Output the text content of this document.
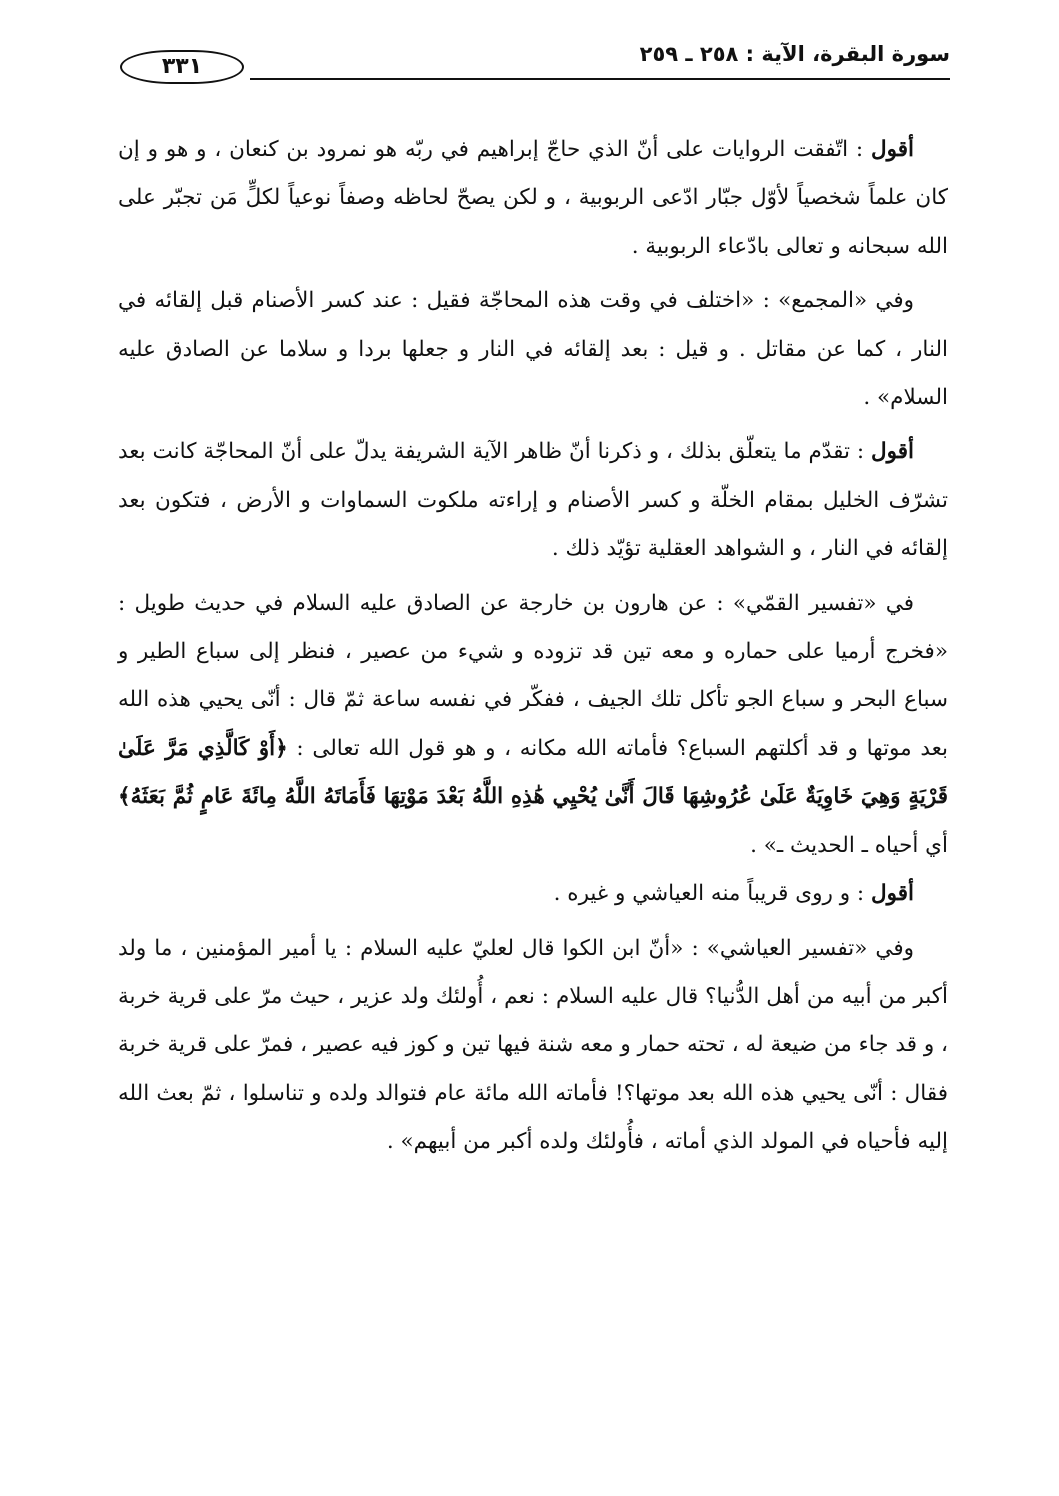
سورة البقرة، الآية : ٢٥٨ ـ ٢٥٩
٣٣١

أقول : اتّفقت الروايات على أنّ الذي حاجّ إبراهيم في ربّه هو نمرود بن كنعان ، و هو و إن كان علماً شخصياً لأوّل جبّار ادّعى الربوبية ، و لكن يصحّ لحاظه وصفاً نوعياً لكلٍّ مَن تجبّر على الله سبحانه و تعالى بادّعاء الربوبية .

وفي «المجمع» : «اختلف في وقت هذه المحاجّة فقيل : عند كسر الأصنام قبل إلقائه في النار ، كما عن مقاتل . و قيل : بعد إلقائه في النار و جعلها بردا و سلاما عن الصادق عليه السلام» .

أقول : تقدّم ما يتعلّق بذلك ، و ذكرنا أنّ ظاهر الآية الشريفة يدلّ على أنّ المحاجّة كانت بعد تشرّف الخليل بمقام الخلّة و كسر الأصنام و إراءته ملكوت السماوات و الأرض ، فتكون بعد إلقائه في النار ، و الشواهد العقلية تؤيّد ذلك .

في «تفسير القمّي» : عن هارون بن خارجة عن الصادق عليه السلام في حديث طويل : «فخرج أرميا على حماره و معه تين قد تزوده و شيء من عصير ، فنظر إلى سباع الطير و سباع البحر و سباع الجو تأكل تلك الجيف ، ففكّر في نفسه ساعة ثمّ قال : أنّى يحيي هذه الله بعد موتها و قد أكلتهم السباع؟ فأماته الله مكانه ، و هو قول الله تعالى : ﴿أَوْ كَالَّذِي مَرَّ عَلَىٰ قَرْيَةٍ وَهِيَ خَاوِيَةٌ عَلَىٰ عُرُوشِهَا قَالَ أَنَّىٰ يُحْيِي هَٰذِهِ اللَّهُ بَعْدَ مَوْتِهَا فَأَمَاتَهُ اللَّهُ مِائَةَ عَامٍ ثُمَّ بَعَثَهُ﴾ أي أحياه ـ الحديث ـ» .

أقول : و روى قريباً منه العياشي و غيره .

وفي «تفسير العياشي» : «أنّ ابن الكوا قال لعليّ عليه السلام : يا أمير المؤمنين ، ما ولد أكبر من أبيه من أهل الدُّنيا؟ قال عليه السلام : نعم ، أُولئك ولد عزير ، حيث مرّ على قرية خربة ، و قد جاء من ضيعة له ، تحته حمار و معه شنة فيها تين و كوز فيه عصير ، فمرّ على قرية خربة فقال : أنّى يحيي هذه الله بعد موتها؟! فأماته الله مائة عام فتوالد ولده و تناسلوا ، ثمّ بعث الله إليه فأحياه في المولد الذي أماته ، فأُولئك ولده أكبر من أبيهم» .
